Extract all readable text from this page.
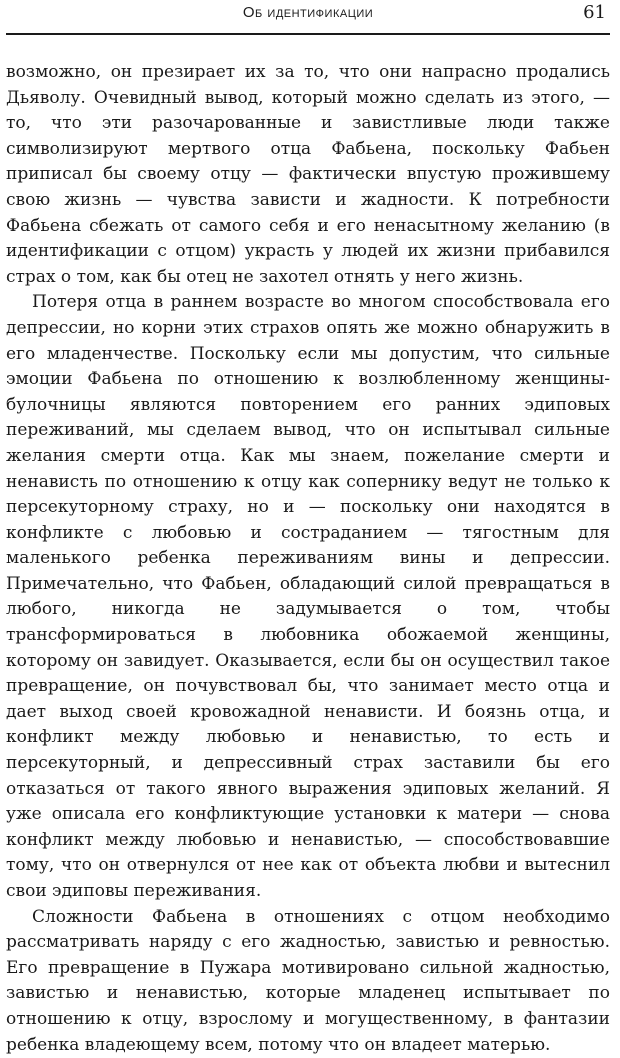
Об идентификации	61

возможно, он презирает их за то, что они напрасно продались Дьяволу. Очевидный вывод, который можно сделать из этого, — то, что эти разочарованные и завистливые люди также символизируют мертвого отца Фабьена, поскольку Фабьен приписал бы своему отцу — фактически впустую прожившему свою жизнь — чувства зависти и жадности. К потребности Фабьена сбежать от самого себя и его ненасытному желанию (в идентификации с отцом) украсть у людей их жизни прибавился страх о том, как бы отец не захотел отнять у него жизнь.

Потеря отца в раннем возрасте во многом способствовала его депрессии, но корни этих страхов опять же можно обнаружить в его младенчестве. Поскольку если мы допустим, что сильные эмоции Фабьена по отношению к возлюбленному женщины-булочницы являются повторением его ранних эдиповых переживаний, мы сделаем вывод, что он испытывал сильные желания смерти отца. Как мы знаем, пожелание смерти и ненависть по отношению к отцу как сопернику ведут не только к персекуторному страху, но и — поскольку они находятся в конфликте с любовью и состраданием — тягостным для маленького ребенка переживаниям вины и депрессии. Примечательно, что Фабьен, обладающий силой превращаться в любого, никогда не задумывается о том, чтобы трансформироваться в любовника обожаемой женщины, которому он завидует. Оказывается, если бы он осуществил такое превращение, он почувствовал бы, что занимает место отца и дает выход своей кровожадной ненависти. И боязнь отца, и конфликт между любовью и ненавистью, то есть и персекуторный, и депрессивный страх заставили бы его отказаться от такого явного выражения эдиповых желаний. Я уже описала его конфликтующие установки к матери — снова конфликт между любовью и ненавистью, — способствовавшие тому, что он отвернулся от нее как от объекта любви и вытеснил свои эдиповы переживания.

Сложности Фабьена в отношениях с отцом необходимо рассматривать наряду с его жадностью, завистью и ревностью. Его превращение в Пужара мотивировано сильной жадностью, завистью и ненавистью, которые младенец испытывает по отношению к отцу, взрослому и могущественному, в фантазии ребенка владеющему всем, потому что он владеет матерью.
